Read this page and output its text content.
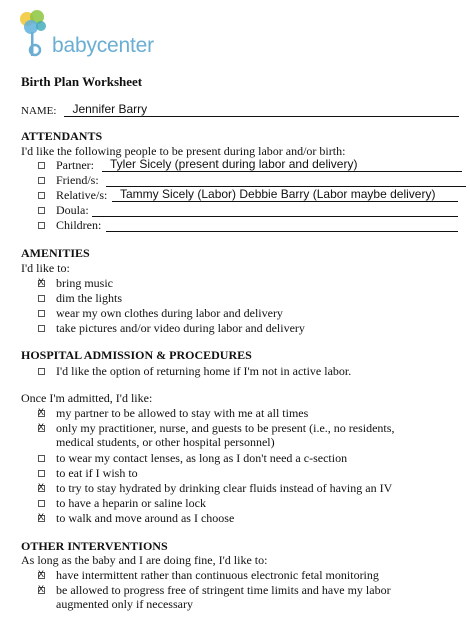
babycenter
Birth Plan Worksheet
NAME:	Jennifer Barry
ATTENDANTS
I'd like the following people to be present during labor and/or birth:
Partner:	Tyler Sicely (present during labor and delivery)
Friend/s:
Relative/s:	Tammy Sicely (Labor) Debbie Barry (Labor maybe delivery)
Doula:
Children:
AMENITIES
I'd like to:
X
bring music
dim the lights
wear my own clothes during labor and delivery
take pictures and/or video during labor and delivery
HOSPITAL ADMISSION & PROCEDURES
I'd like the option of returning home if I'm not in active labor.
Once I'm admitted, I'd like:
X
my partner to be allowed to stay with me at all times
X
only my practitioner, nurse, and guests to be present (i.e., no residents,
medical students, or other hospital personnel)
to wear my contact lenses, as long as I don't need a c-section
to eat if I wish to
X
to try to stay hydrated by drinking clear fluids instead of having an IV
to have a heparin or saline lock
X
to walk and move around as I choose
OTHER INTERVENTIONS
As long as the baby and I are doing fine, I'd like to:
X
have intermittent rather than continuous electronic fetal monitoring
X
be allowed to progress free of stringent time limits and have my labor
augmented only if necessary
